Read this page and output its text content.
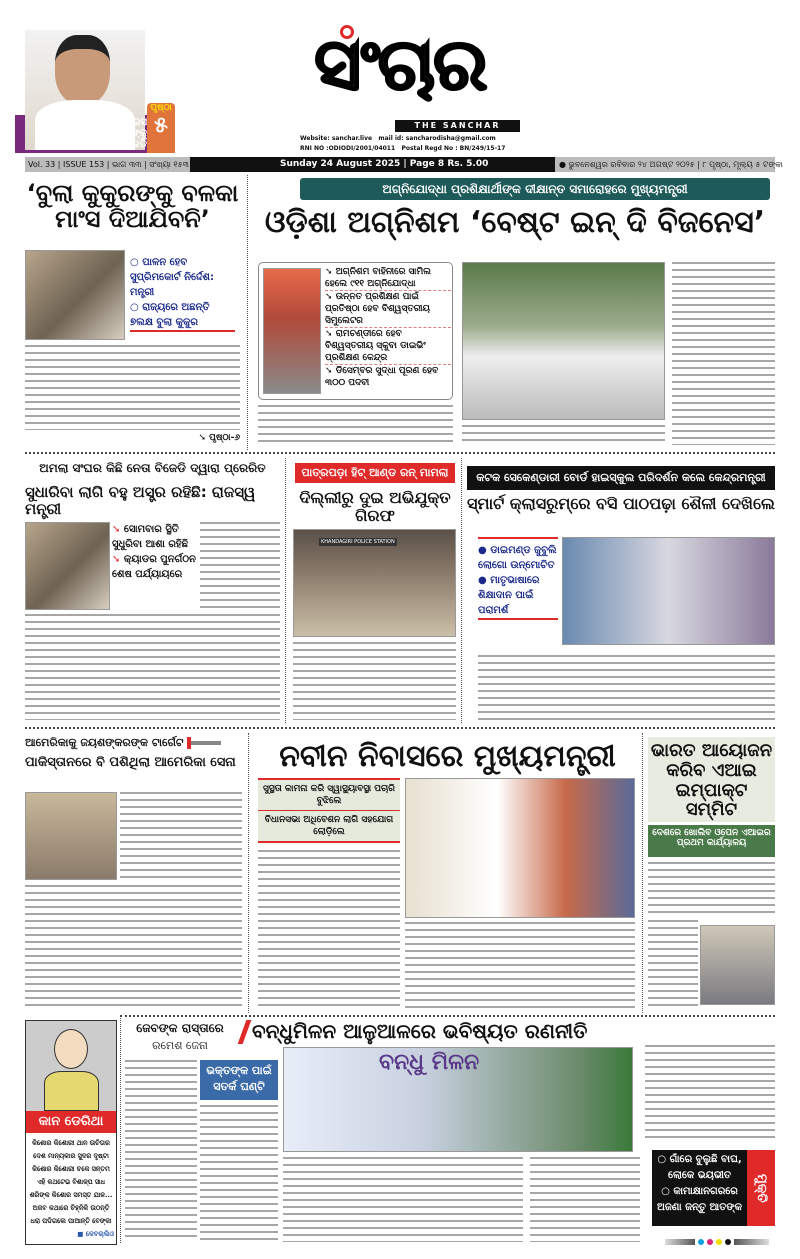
କଂଗ୍ରେସ ବିଧାୟକଙ୍କୁ
ବାନ୍ଧିଲା ଇଡି
ପୃଷ୍ଠା
୫
ସଂଚାର
THE SANCHAR
Website: sanchar.live mail id: sancharodisha@gmail.com
RNI NO :ODIODI/2001/04011 Postal Regd No : BN/249/15-17
Vol. 33 | ISSUE 153 | ଭାଗ ୩୩ | ସଂଖ୍ୟା ୧୫୩	Sunday 24 August 2025 | Page 8 Rs. 5.00	● ଭୁବନେଶ୍ୱର ରବିବାର ୨୪ ଅଗଷ୍ଟ ୨୦୨୫ | ୮ ପୃଷ୍ଠା, ମୂଲ୍ୟ ୫ ଟଙ୍କା
‘ବୁଲା କୁକୁରଙ୍କୁ ବଳକା ମାଂସ ଦିଆଯିବନି’
○ ପାଳନ ହେବ ସୁପ୍ରିମକୋର୍ଟ ନିର୍ଦ୍ଦେଶ: ମନ୍ତ୍ରୀ
○ ରାଜ୍ୟରେ ଅଛନ୍ତି ୭ଲକ୍ଷ ବୁଲା କୁକୁର
➘ ପୃଷ୍ଠା-୬
ଅଗ୍ନିଯୋଦ୍ଧା ପ୍ରଶିକ୍ଷାର୍ଥୀଙ୍କ ଦୀକ୍ଷାନ୍ତ ସମାରୋହରେ ମୁଖ୍ୟମନ୍ତ୍ରୀ
ଓଡ଼ିଶା ଅଗ୍ନିଶମ ‘ବେଷ୍ଟ ଇନ୍ ଦି ବିଜନେସ’
➘ ଅଗ୍ନିଶମ ବାହିନୀରେ ସାମିଲ ହେଲେ ୯୧୧ ଅଗ୍ନିଯୋଦ୍ଧା
➘ ଉନ୍ନତ ପ୍ରଶିକ୍ଷଣ ପାଇଁ ପ୍ରତିଷ୍ଠା ହେବ ବିଶ୍ୱସ୍ତରୀୟ ସିମୁଲେଟର
➘ ରାମଚଣ୍ଡୀରେ ହେବ ବିଶ୍ୱସ୍ତରୀୟ ସ୍କୁବା ଡାଇଭିଂ ପ୍ରଶିକ୍ଷଣ କେନ୍ଦ୍ର
➘ ଡିସେମ୍ବର ସୁଦ୍ଧା ପୂରଣ ହେବ ୩୦୦ ପଦବୀ
ଅମଲା ସଂଘର କିଛି ନେତା ବିଜେଡି ଦ୍ୱାରା ପ୍ରେରିତ
ସୁଧାରିବା ଲାଗି ବହୁ ଅସ୍ତ୍ର ରହିଛି: ରାଜସ୍ୱ ମନ୍ତ୍ରୀ
➘ ସୋମବାର ସ୍ଥିତି ସୁଧୁରିବା ଆଶା ରହିଛି
➘ କ୍ୟାଡର ପୁନର୍ଗଠନ ଶେଷ ପର୍ଯ୍ୟାୟରେ
ପାତ୍ରପଡ଼ା ହିଟ୍ ଆଣ୍ଡ ରନ୍ ମାମଲା
ଦିଲ୍ଲୀରୁ ଦୁଇ ଅଭିଯୁକ୍ତ ଗିରଫ
KHANDAGIRI POLICE STATION
କଟକ ସେକେଣ୍ଡାରୀ ବୋର୍ଡ ହାଇସ୍କୁଲ ପରିଦର୍ଶନ କଲେ କେନ୍ଦ୍ରମନ୍ତ୍ରୀ
ସ୍ମାର୍ଟ କ୍ଲାସରୁମ୍‌ରେ ବସି ପାଠପଢ଼ା ଶୈଳୀ ଦେଖିଲେ
● ଡାଇମଣ୍ଡ ଜୁବୁଲି ଲୋଗୋ ଉନ୍ମୋଚିତ
● ମାତୃଭାଷାରେ ଶିକ୍ଷାଦାନ ପାଇଁ ପରାମର୍ଶ
ଆମେରିକାକୁ ଜୟଶଙ୍କରଙ୍କ ଟାର୍ଗେଟ
ପାକିସ୍ତାନରେ ବି ପଶିଥିଲା ଆମେରିକା ସେନା	ନବୀନ ନିବାସରେ ମୁଖ୍ୟମନ୍ତ୍ରୀ
ସୁସ୍ଥତା କାମନା କରି ସ୍ୱାସ୍ଥ୍ୟାବସ୍ଥା ପଚାରି ବୁଝିଲେ
ବିଧାନସଭା ଅଧିବେଶନ ଲାଗି ସହଯୋଗ ଲୋଡ଼ିଲେ
ଭାରତ ଆୟୋଜନ କରିବ ଏଆଇ ଇମ୍ପାକ୍ଟ ସମ୍ମିଟ
ଦେଶରେ ଖୋଲିବ ଓପେନ ଏଆଇର ପ୍ରଥମ କାର୍ଯ୍ୟାଳୟ
କାନ ଡେରିଥା
କିଶୋର କିଶୋରୀ ଥାନ ଉଚିତାର
ଦେଶ ମାନ୍ୟକାର ସୁଦର ଦୃଷ୍ଟା
କିଶୋର କିଶୋରୀ ଚକେ ସନ୍ତମ
ଏହି କଥଟେଭ ବିଶାଳ୍ପ ସାଧ
ଶରିଙ୍କ କିଶୋର ସମସ୍ତ ଯାଳ...
ଅଜବ କଥାରେ ଚିହ୍ନିକି ଉଠନ୍ତି
ଧରା ପଡିଗଲେ ପାଆନ୍ତି ବେଙ୍କା
■ କେବଲ୍ଲିଓ
ଜେବଙ୍କ ରାସ୍ତାରେ
ରମେଶ ଜେନା
ବନ୍ଧୁମିଳନ ଆଳୁଆଳରେ ଭବିଷ୍ୟତ ରଣନୀତି
ଭକ୍ତଙ୍କ ପାଇଁ ସତର୍କ ଘଣ୍ଟି
ବନ୍ଧୁ ମିଳନ
○ ଗାଁରେ ବୁଲୁଛି ବାଘ, ଲୋକେ ଭୟଭୀତ
○ କାମାକ୍ଷାନଗରରେ ଅଜଣା ଜନ୍ତୁ ଆତଙ୍କ
ମୁକ୍ତି
